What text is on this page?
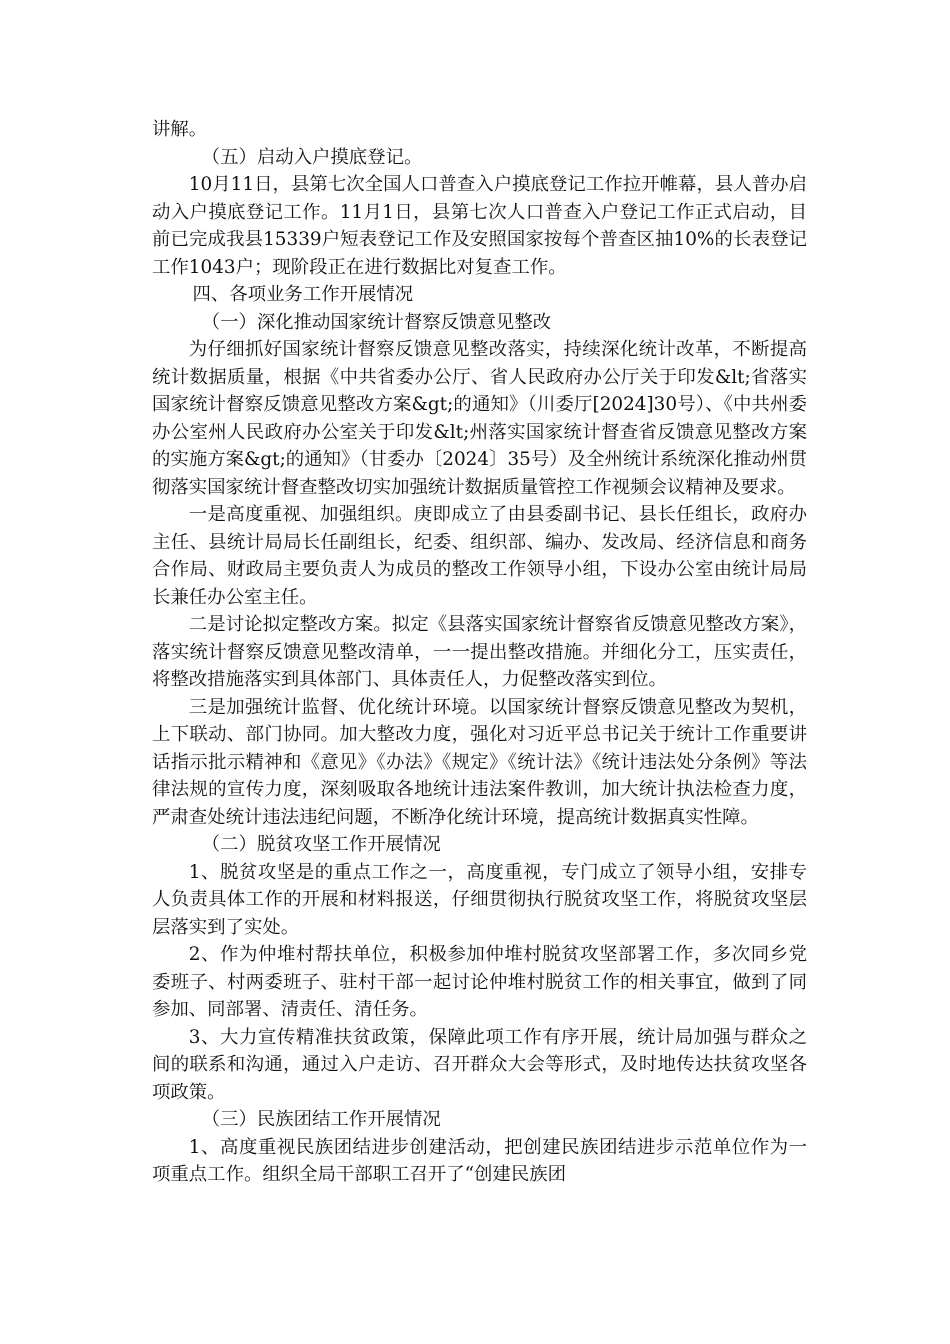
讲解。

（五）启动入户摸底登记。

10月11日，县第七次全国人口普查入户摸底登记工作拉开帷幕，县人普办启动入户摸底登记工作。11月1日，县第七次人口普查入户登记工作正式启动，目前已完成我县15339户短表登记工作及安照国家按每个普查区抽10%的长表登记工作1043户；现阶段正在进行数据比对复查工作。

四、各项业务工作开展情况

（一）深化推动国家统计督察反馈意见整改

为仔细抓好国家统计督察反馈意见整改落实，持续深化统计改革，不断提高统计数据质量，根据《中共省委办公厅、省人民政府办公厅关于印发&lt;省落实国家统计督察反馈意见整改方案&gt;的通知》（川委厅[2024]30号）、《中共州委办公室州人民政府办公室关于印发&lt;州落实国家统计督查省反馈意见整改方案的实施方案&gt;的通知》（甘委办〔2024〕35号）及全州统计系统深化推动州贯彻落实国家统计督查整改切实加强统计数据质量管控工作视频会议精神及要求。

一是高度重视、加强组织。庚即成立了由县委副书记、县长任组长，政府办主任、县统计局局长任副组长，纪委、组织部、编办、发改局、经济信息和商务合作局、财政局主要负责人为成员的整改工作领导小组，下设办公室由统计局局长兼任办公室主任。

二是讨论拟定整改方案。拟定《县落实国家统计督察省反馈意见整改方案》，落实统计督察反馈意见整改清单，一一提出整改措施。并细化分工，压实责任，将整改措施落实到具体部门、具体责任人，力促整改落实到位。

三是加强统计监督、优化统计环境。以国家统计督察反馈意见整改为契机，上下联动、部门协同。加大整改力度，强化对习近平总书记关于统计工作重要讲话指示批示精神和《意见》《办法》《规定》《统计法》《统计违法处分条例》等法律法规的宣传力度，深刻吸取各地统计违法案件教训，加大统计执法检查力度，严肃查处统计违法违纪问题，不断净化统计环境，提高统计数据真实性障。

（二）脱贫攻坚工作开展情况

1、脱贫攻坚是的重点工作之一，高度重视，专门成立了领导小组，安排专人负责具体工作的开展和材料报送，仔细贯彻执行脱贫攻坚工作，将脱贫攻坚层层落实到了实处。

2、作为仲堆村帮扶单位，积极参加仲堆村脱贫攻坚部署工作，多次同乡党委班子、村两委班子、驻村干部一起讨论仲堆村脱贫工作的相关事宜，做到了同参加、同部署、清责任、清任务。

3、大力宣传精准扶贫政策，保障此项工作有序开展，统计局加强与群众之间的联系和沟通，通过入户走访、召开群众大会等形式，及时地传达扶贫攻坚各项政策。

（三）民族团结工作开展情况

1、高度重视民族团结进步创建活动，把创建民族团结进步示范单位作为一项重点工作。组织全局干部职工召开了“创建民族团
